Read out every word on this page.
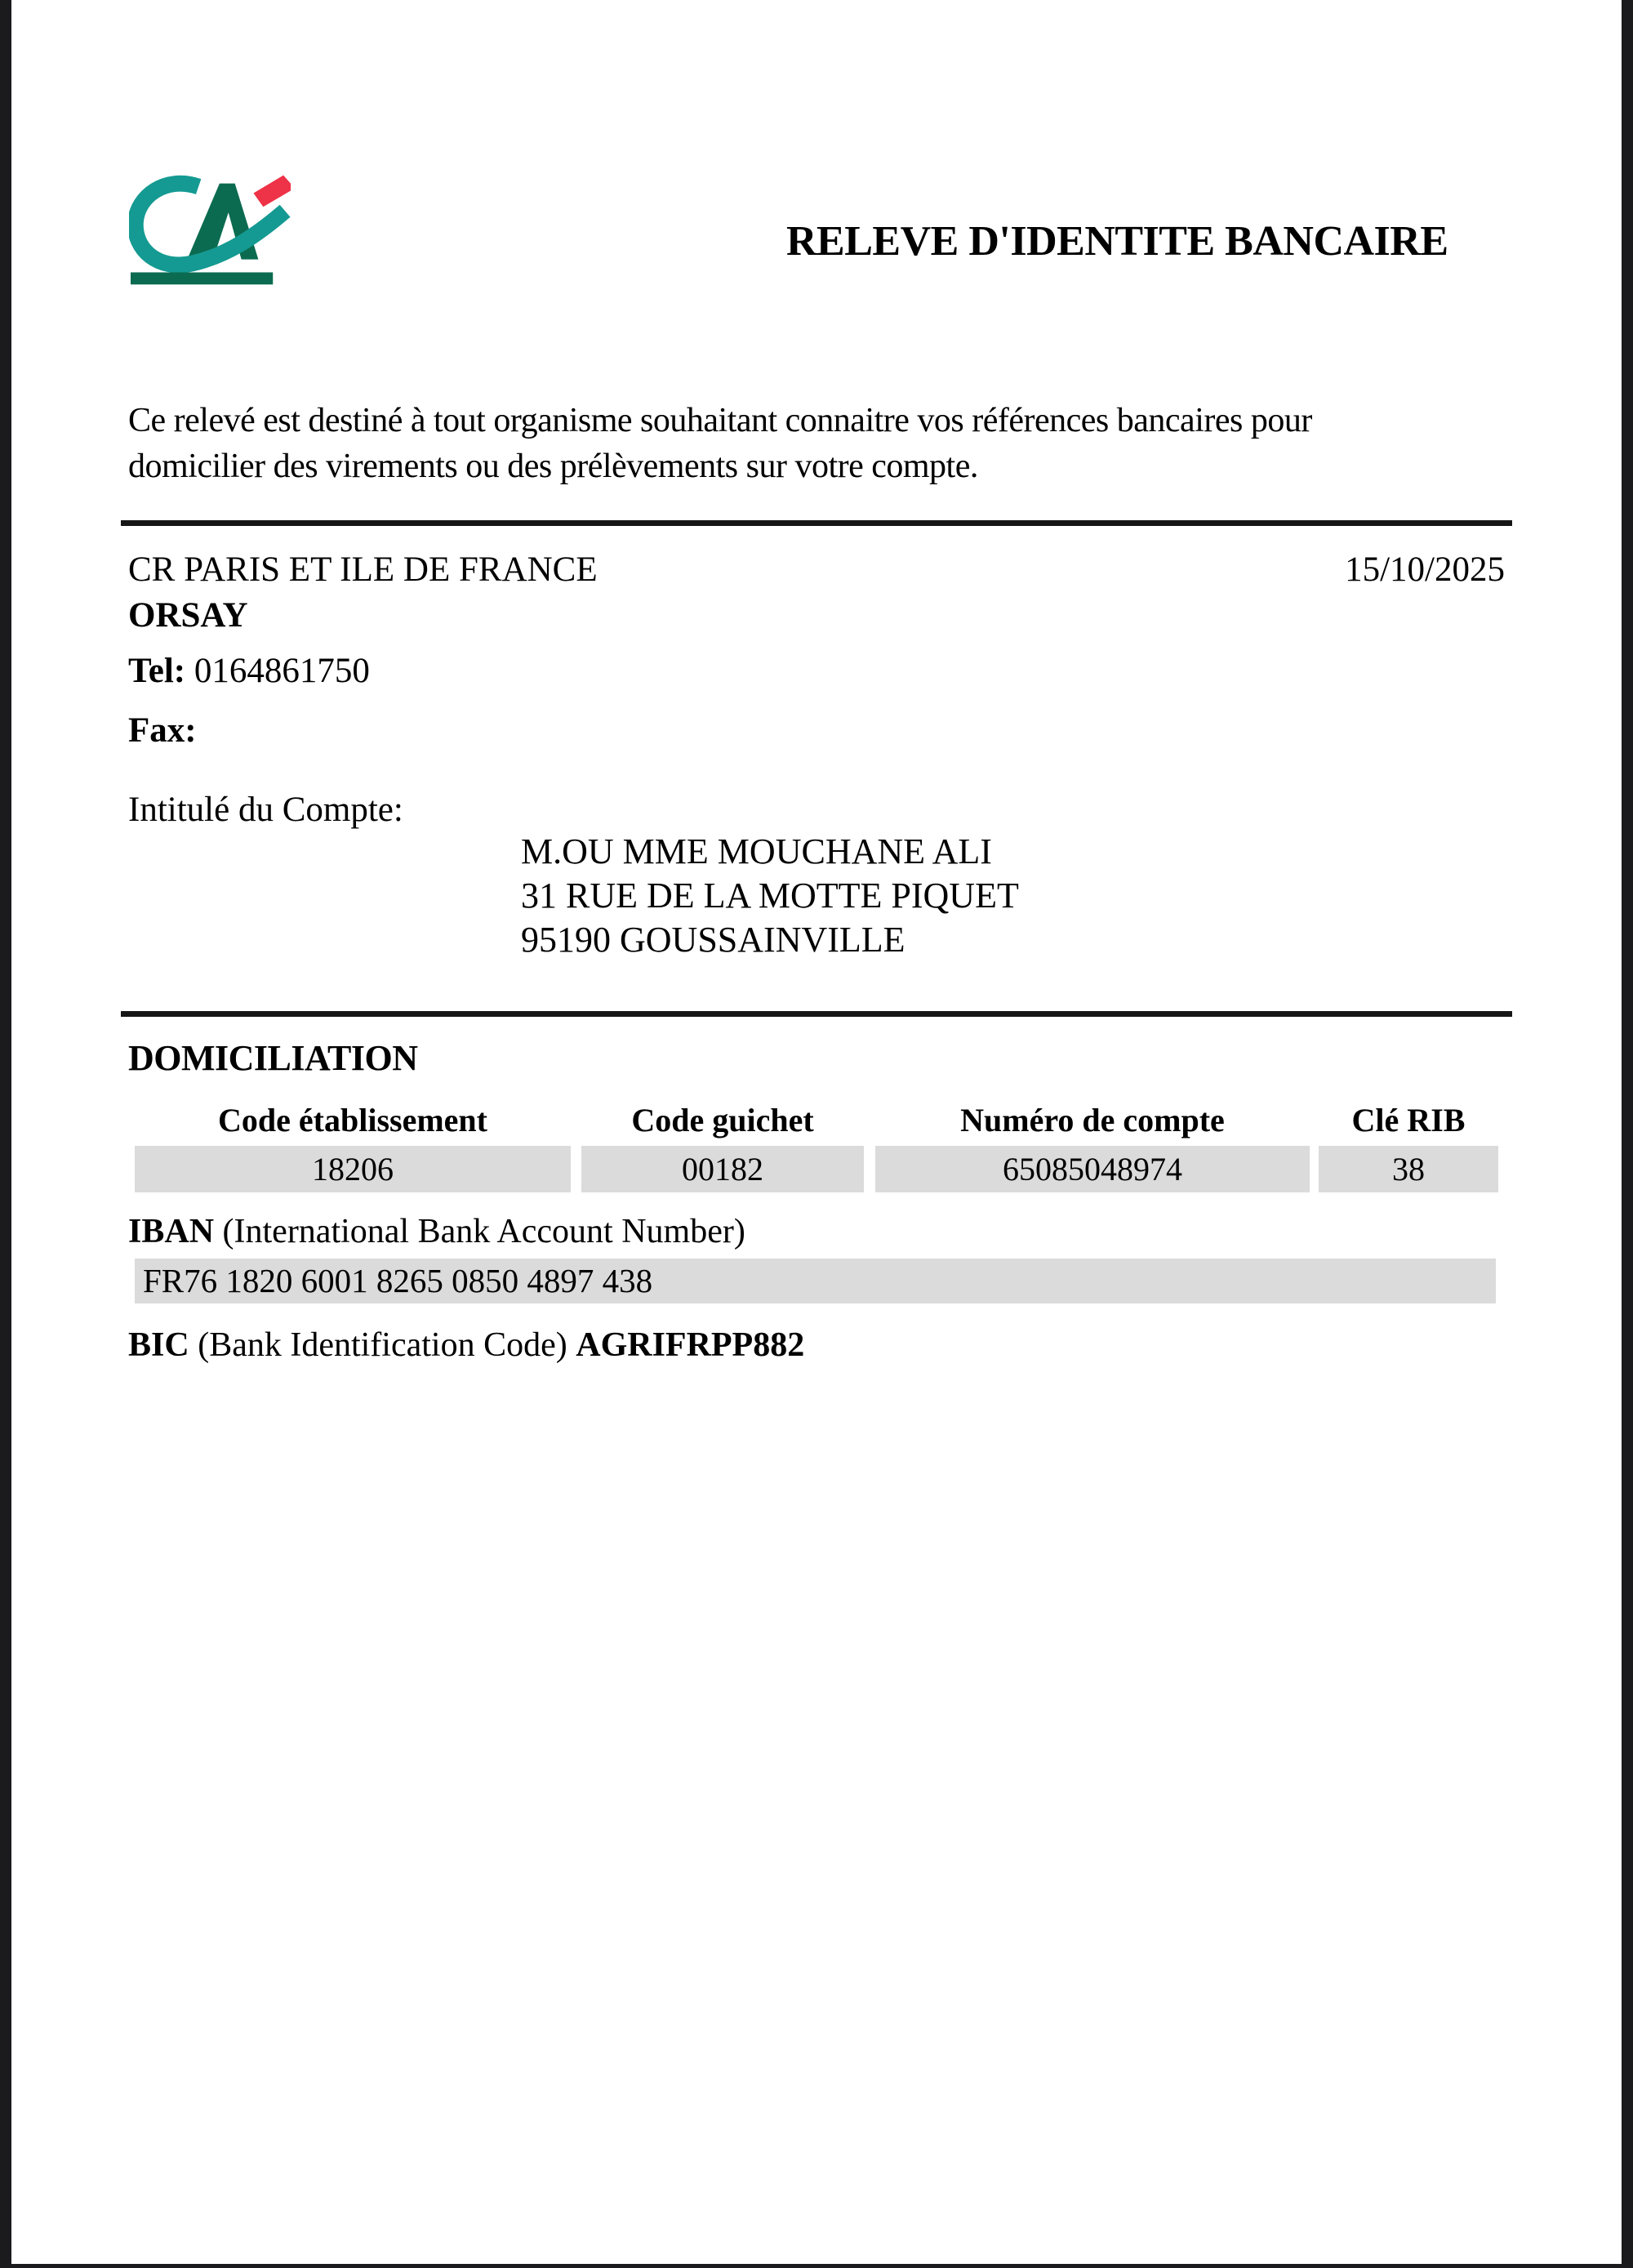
RELEVE D'IDENTITE BANCAIRE
Ce relevé est destiné à tout organisme souhaitant connaitre vos références bancaires pour
domicilier des virements ou des prélèvements sur votre compte.
CR PARIS ET ILE DE FRANCE	15/10/2025
ORSAY
Tel: 0164861750
Fax:
Intitulé du Compte:
M.OU MME MOUCHANE ALI
31 RUE DE LA MOTTE PIQUET
95190 GOUSSAINVILLE
DOMICILIATION
Code établissement	Code guichet	Numéro de compte	Clé RIB
18206	00182	65085048974	38
IBAN (International Bank Account Number)
FR76 1820 6001 8265 0850 4897 438
BIC (Bank Identification Code) AGRIFRPP882
